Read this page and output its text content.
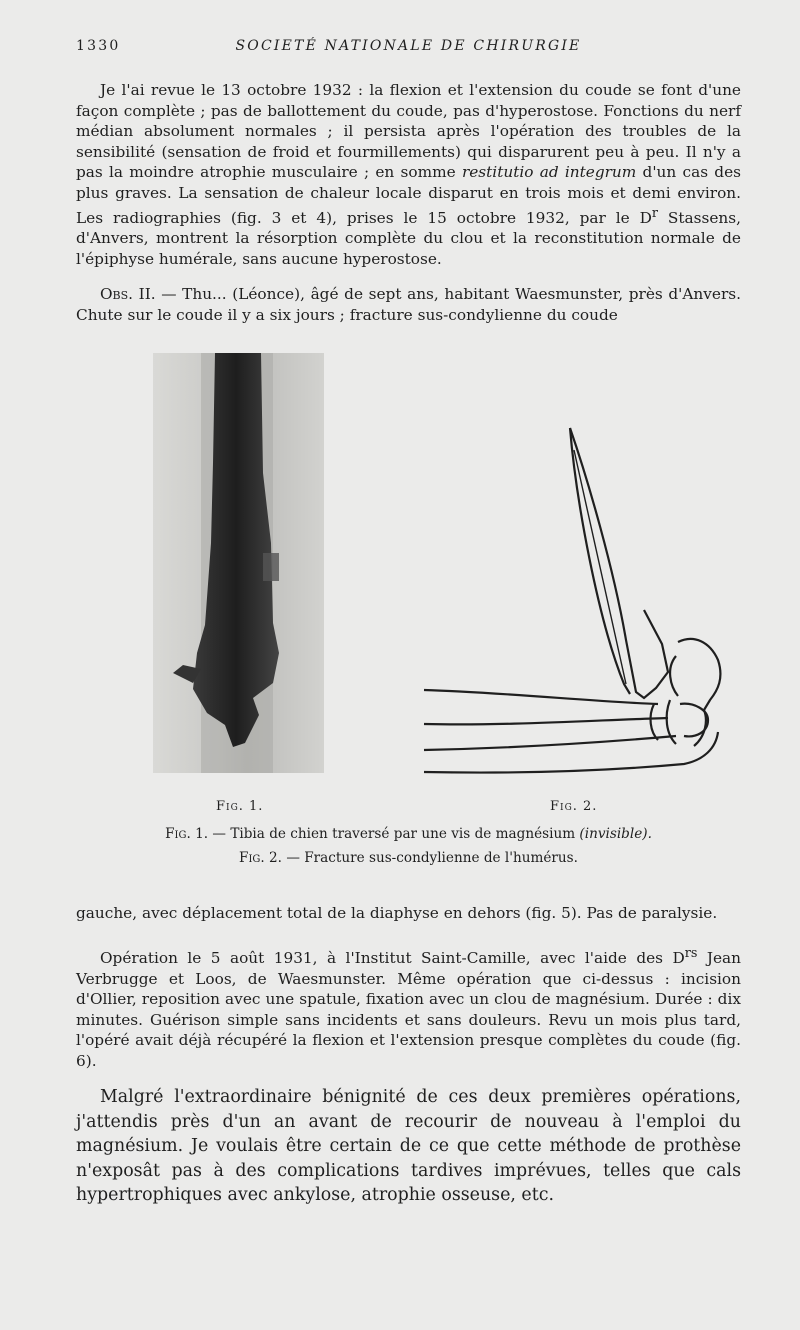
1330	SOCIETÉ NATIONALE DE CHIRURGIE

Je l'ai revue le 13 octobre 1932 : la flexion et l'extension du coude se font d'une façon complète ; pas de ballottement du coude, pas d'hyperostose. Fonctions du nerf médian absolument normales ; il persista après l'opération des troubles de la sensibilité (sensation de froid et fourmillements) qui disparurent peu à peu. Il n'y a pas la moindre atrophie musculaire ; en somme restitutio ad integrum d'un cas des plus graves. La sensation de chaleur locale disparut en trois mois et demi environ. Les radiographies (fig. 3 et 4), prises le 15 octobre 1932, par le $D^r$ Stassens, d'Anvers, montrent la résorption complète du clou et la reconstitution normale de l'épiphyse humérale, sans aucune hyperostose.

Obs. II. — Thu... (Léonce), âgé de sept ans, habitant Waesmunster, près d'Anvers. Chute sur le coude il y a six jours ; fracture sus-condylienne du coude

Fig. 1.	Fig. 2.
Fig. 1. — Tibia de chien traversé par une vis de magnésium (invisible).
Fig. 2. — Fracture sus-condylienne de l'humérus.

gauche, avec déplacement total de la diaphyse en dehors (fig. 5). Pas de paralysie.

Opération le 5 août 1931, à l'Institut Saint-Camille, avec l'aide des $D^{rs}$ Jean Verbrugge et Loos, de Waesmunster. Même opération que ci-dessus : incision d'Ollier, reposition avec une spatule, fixation avec un clou de magnésium. Durée : dix minutes. Guérison simple sans incidents et sans douleurs. Revu un mois plus tard, l'opéré avait déjà récupéré la flexion et l'extension presque complètes du coude (fig. 6).

Malgré l'extraordinaire bénignité de ces deux premières opérations, j'attendis près d'un an avant de recourir de nouveau à l'emploi du magnésium. Je voulais être certain de ce que cette méthode de prothèse n'exposât pas à des complications tardives imprévues, telles que cals hypertrophiques avec ankylose, atrophie osseuse, etc.
